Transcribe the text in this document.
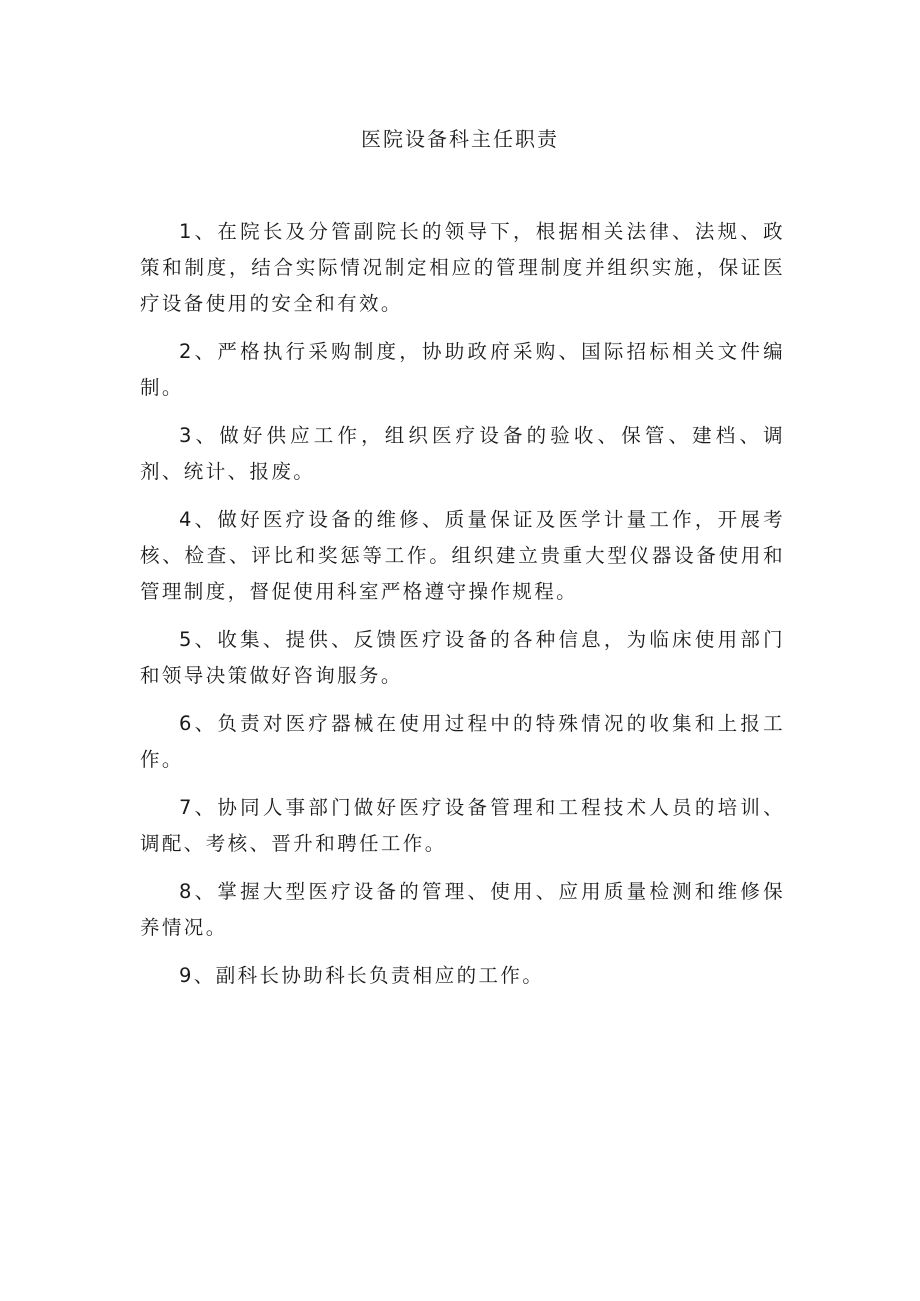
医院设备科主任职责

1、在院长及分管副院长的领导下，根据相关法律、法规、政策和制度，结合实际情况制定相应的管理制度并组织实施，保证医疗设备使用的安全和有效。

2、严格执行采购制度，协助政府采购、国际招标相关文件编制。

3、做好供应工作，组织医疗设备的验收、保管、建档、调剂、统计、报废。

4、做好医疗设备的维修、质量保证及医学计量工作，开展考核、检查、评比和奖惩等工作。组织建立贵重大型仪器设备使用和管理制度，督促使用科室严格遵守操作规程。

5、收集、提供、反馈医疗设备的各种信息，为临床使用部门和领导决策做好咨询服务。

6、负责对医疗器械在使用过程中的特殊情况的收集和上报工作。

7、协同人事部门做好医疗设备管理和工程技术人员的培训、调配、考核、晋升和聘任工作。

8、掌握大型医疗设备的管理、使用、应用质量检测和维修保养情况。

9、副科长协助科长负责相应的工作。
